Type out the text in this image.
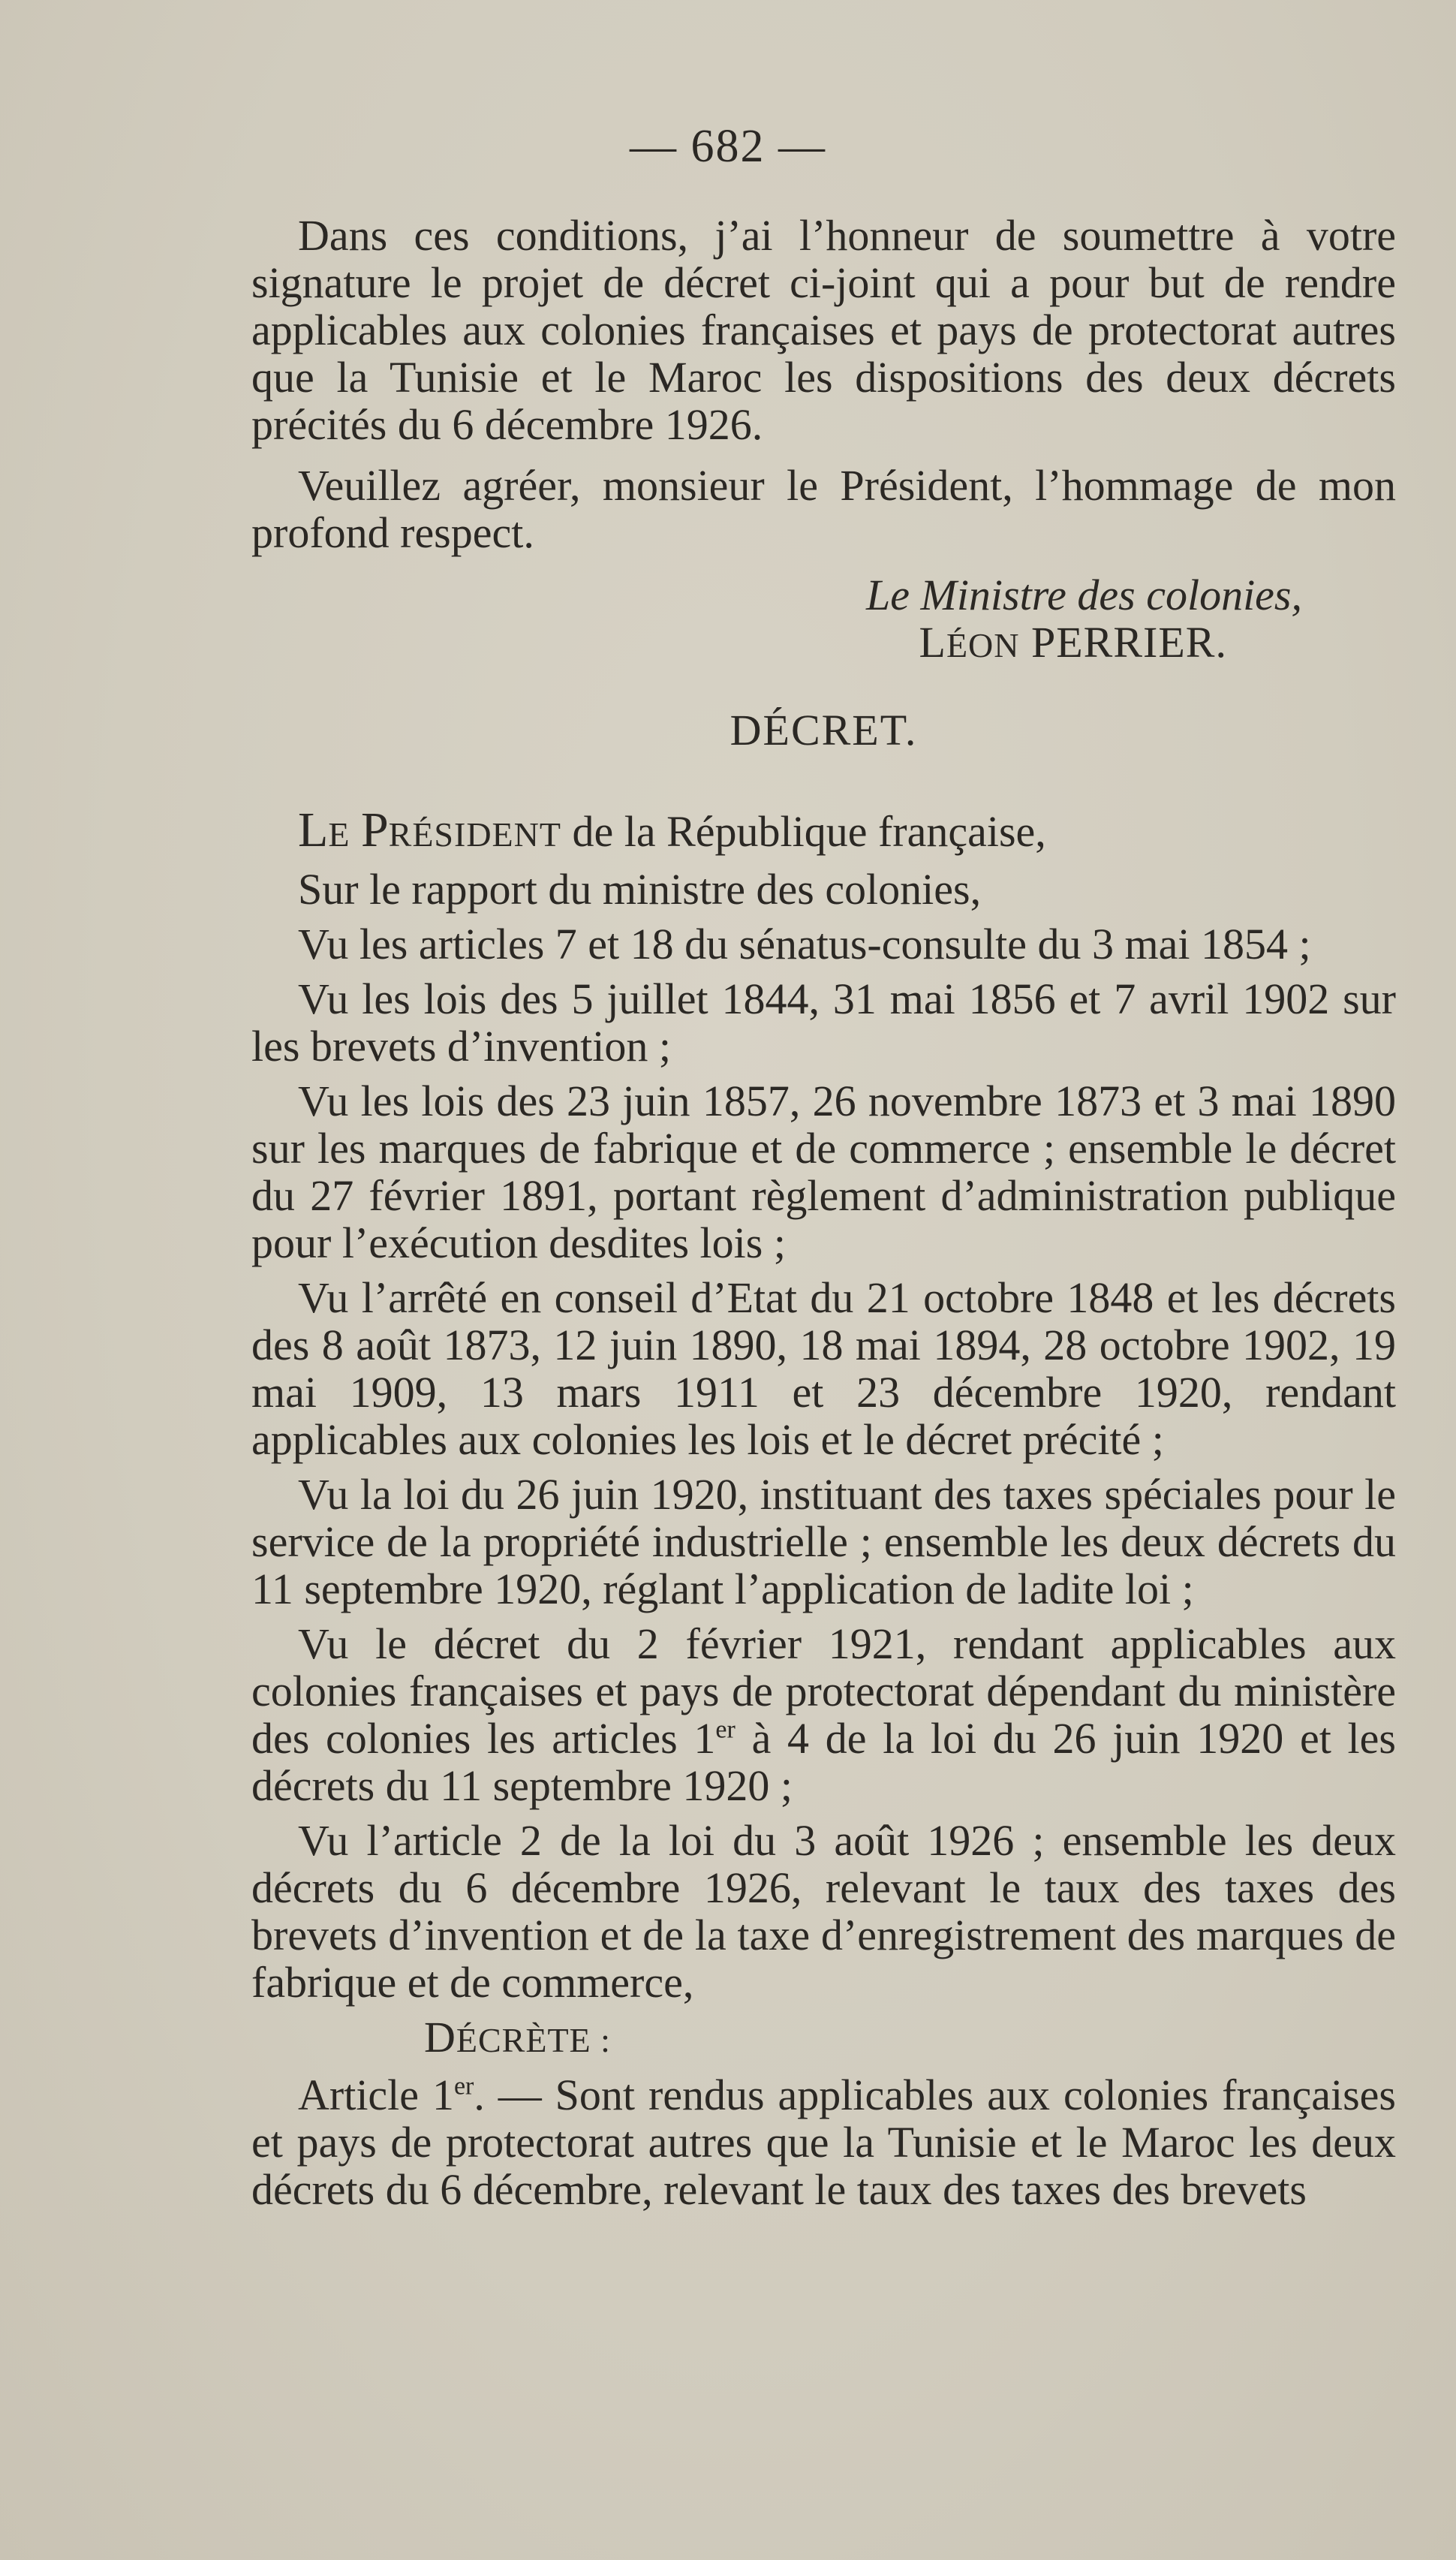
— 682 —

Dans ces conditions, j’ai l’honneur de soumettre à votre signature le projet de décret ci-joint qui a pour but de rendre applicables aux colonies françaises et pays de protectorat autres que la Tunisie et le Maroc les dispositions des deux décrets précités du 6 décembre 1926.

Veuillez agréer, monsieur le Président, l’hommage de mon profond respect.

Le Ministre des colonies,
LÉON PERRIER.
DÉCRET.

LE PRÉSIDENT de la République française,

Sur le rapport du ministre des colonies,

Vu les articles 7 et 18 du sénatus-consulte du 3 mai 1854 ;

Vu les lois des 5 juillet 1844, 31 mai 1856 et 7 avril 1902 sur les brevets d’invention ;

Vu les lois des 23 juin 1857, 26 novembre 1873 et 3 mai 1890 sur les marques de fabrique et de commerce ; ensemble le décret du 27 février 1891, portant règlement d’administration publique pour l’exécution desdites lois ;

Vu l’arrêté en conseil d’Etat du 21 octobre 1848 et les décrets des 8 août 1873, 12 juin 1890, 18 mai 1894, 28 octobre 1902, 19 mai 1909, 13 mars 1911 et 23 décembre 1920, rendant applicables aux colonies les lois et le décret précité ;

Vu la loi du 26 juin 1920, instituant des taxes spéciales pour le service de la propriété industrielle ; ensemble les deux décrets du 11 septembre 1920, réglant l’application de ladite loi ;

Vu le décret du 2 février 1921, rendant applicables aux colonies françaises et pays de protectorat dépendant du ministère des colonies les articles 1er à 4 de la loi du 26 juin 1920 et les décrets du 11 septembre 1920 ;

Vu l’article 2 de la loi du 3 août 1926 ; ensemble les deux décrets du 6 décembre 1926, relevant le taux des taxes des brevets d’invention et de la taxe d’enregistrement des marques de fabrique et de commerce,

DÉCRÈTE :

Article 1er. — Sont rendus applicables aux colonies françaises et pays de protectorat autres que la Tunisie et le Maroc les deux décrets du 6 décembre, relevant le taux des taxes des brevets
